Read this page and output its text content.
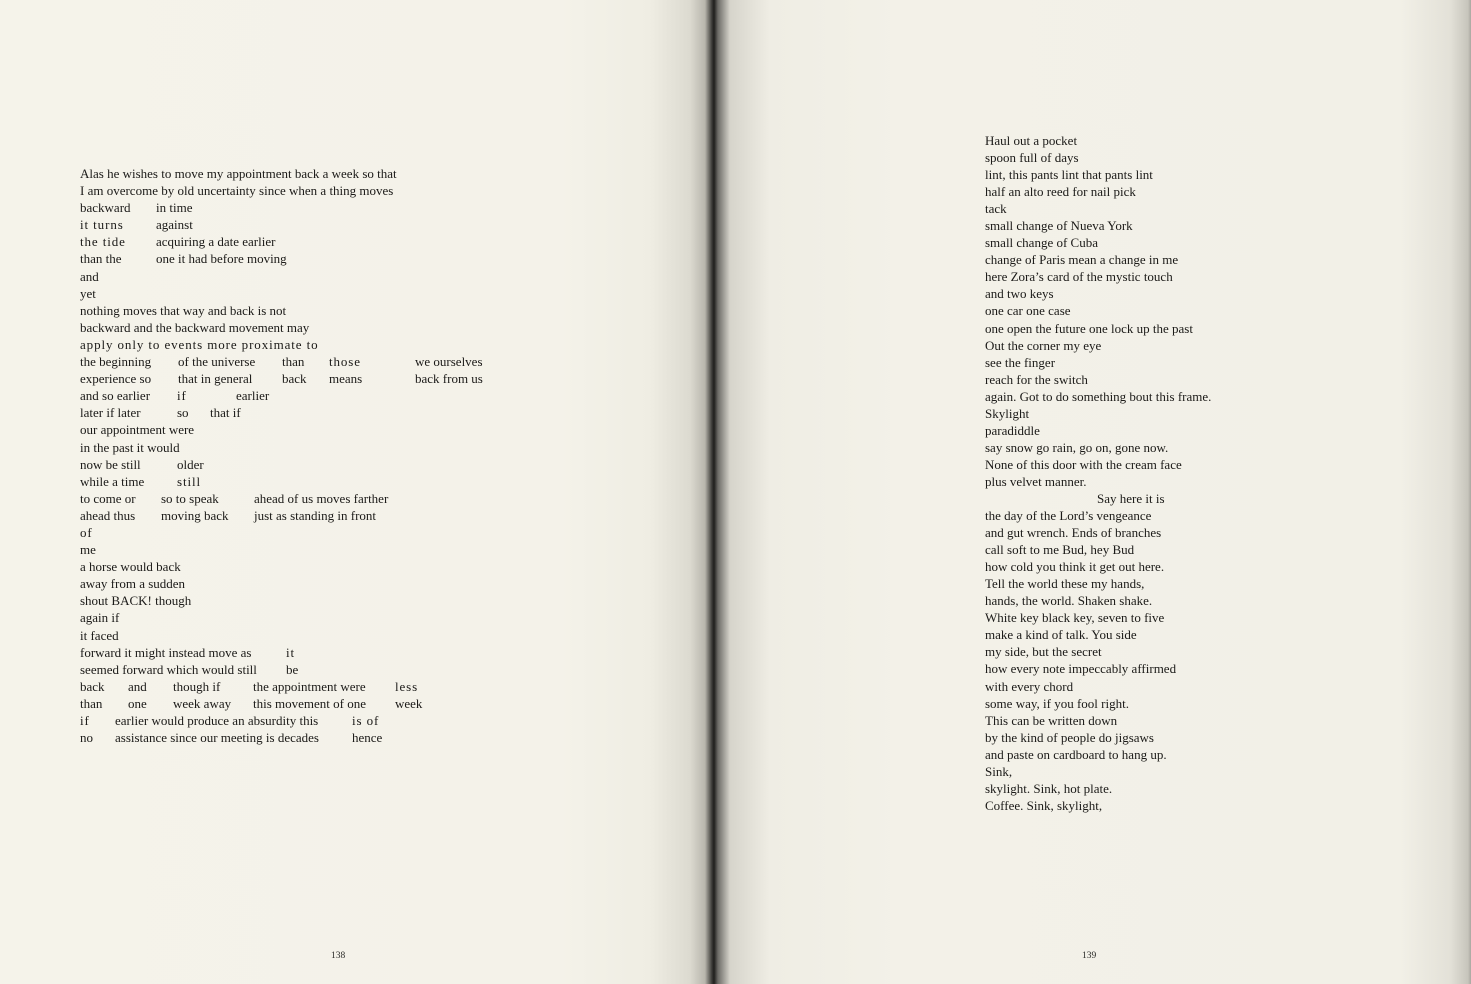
Alas he wishes to move my appointment back a week so that
I am overcome by old uncertainty since when a thing moves
backward in time
it turns against
the tide acquiring a date earlier
than the	one it had before moving
and
yet
nothing moves that way and back is not
backward and the backward movement may
apply only to events more proximate to
the beginning of the universe than those	we ourselves
experience so that in general back means	back from us
and so earlier if	earlier
later if later	so that if
our appointment were
in the past it would
now be still	older
while a time	still
to come or so to speak	ahead of us moves farther
ahead thus moving back just as standing in front
of
me
a horse would back
away from a sudden
shout BACK! though
again if
it faced
forward it might instead move as	it
seemed forward which would still be
back and though if	the appointment were less
than one week away this movement of one week
if earlier would produce an absurdity this	is of
no assistance since our meeting is decades	hence
138
Haul out a pocket
spoon full of days
lint, this pants lint that pants lint
half an alto reed for nail pick
tack
small change of Nueva York
small change of Cuba
change of Paris mean a change in me
here Zora’s card of the mystic touch
and two keys
one car one case
one open the future one lock up the past
Out the corner my eye
see the finger
reach for the switch
again. Got to do something bout this frame.
Skylight
paradiddle
say snow go rain, go on, gone now.
None of this door with the cream face
plus velvet manner.
Say here it is
the day of the Lord’s vengeance
and gut wrench. Ends of branches
call soft to me Bud, hey Bud
how cold you think it get out here.
Tell the world these my hands,
hands, the world. Shaken shake.
White key black key, seven to five
make a kind of talk. You side
my side, but the secret
how every note impeccably affirmed
with every chord
some way, if you fool right.
This can be written down
by the kind of people do jigsaws
and paste on cardboard to hang up.
Sink,
skylight. Sink, hot plate.
Coffee. Sink, skylight,
139
